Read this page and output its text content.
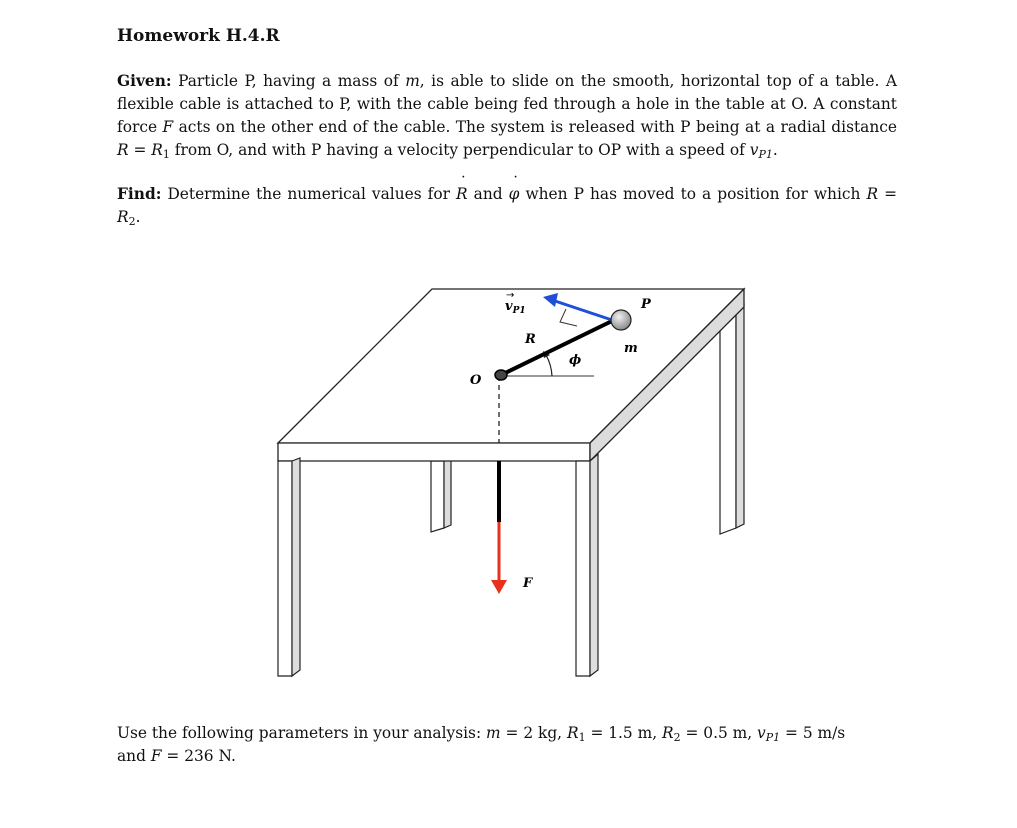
Homework H.4.R
Given: Particle P, having a mass of m, is able to slide on the smooth, horizontal top of a table. A flexible cable is attached to P, with the cable being fed through a hole in the table at O. A constant force F acts on the other end of the cable. The system is released with P being at a radial distance $R = R_1$ from O, and with P having a velocity perpendicular to OP with a speed of $v_{P1}$.
Find: Determine the numerical values for ˙ R and ˙ φ when P has moved to a position for which $R = R_2$.
$v_{P1}$
→
P
m
R
ϕ
O
F
Use the following parameters in your analysis: m = 2 kg, $R_1 = 1.5$ m, $R_2 = 0.5$ m, $v_{P1} = 5$ m/s
and F = 236 N.
